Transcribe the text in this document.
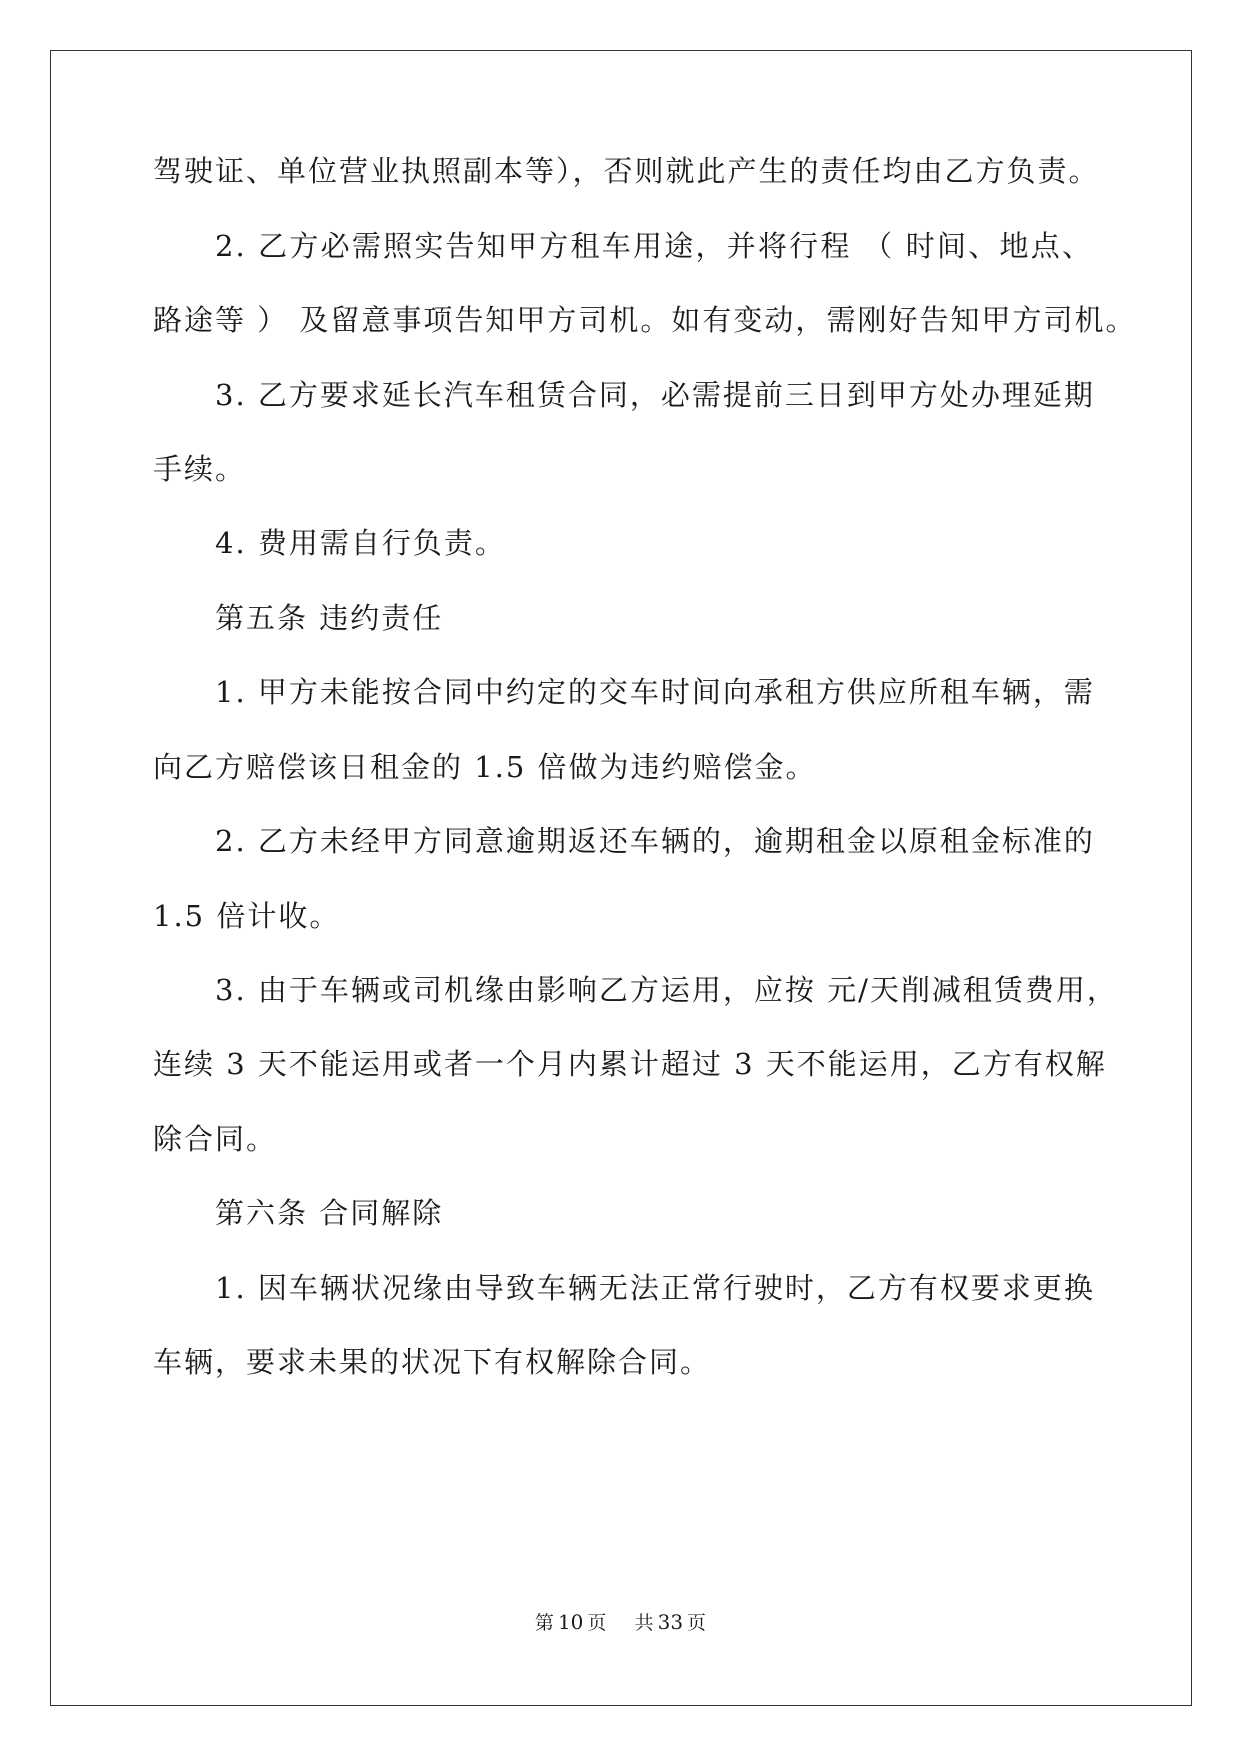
驾驶证、单位营业执照副本等），否则就此产生的责任均由乙方负责。
2. 乙方必需照实告知甲方租车用途，并将行程 （ 时间、地点、
路途等 ） 及留意事项告知甲方司机。如有变动，需刚好告知甲方司机。
3. 乙方要求延长汽车租赁合同，必需提前三日到甲方处办理延期
手续。
4. 费用需自行负责。
第五条 违约责任
1. 甲方未能按合同中约定的交车时间向承租方供应所租车辆，需
向乙方赔偿该日租金的 1.5 倍做为违约赔偿金。
2. 乙方未经甲方同意逾期返还车辆的，逾期租金以原租金标准的
1.5 倍计收。
3. 由于车辆或司机缘由影响乙方运用，应按 元/天削减租赁费用，
连续 3 天不能运用或者一个月内累计超过 3 天不能运用，乙方有权解
除合同。
第六条 合同解除
1. 因车辆状况缘由导致车辆无法正常行驶时，乙方有权要求更换
车辆，要求未果的状况下有权解除合同。
第 10 页 共 33 页
